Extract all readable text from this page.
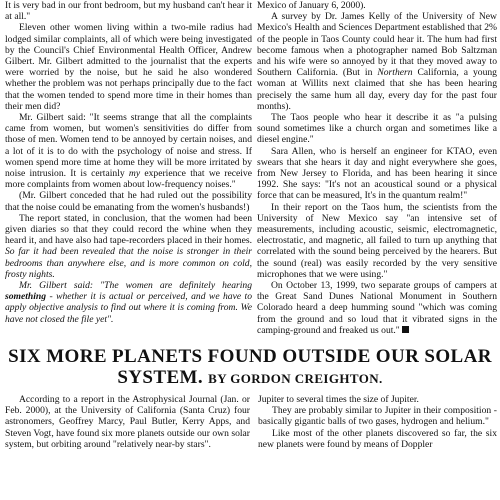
It is very bad in our front bedroom, but my husband can't hear it at all."

Eleven other women living within a two-mile radius had lodged similar complaints, all of which were being investigated by the Council's Chief Environmental Health Officer, Andrew Gilbert. Mr. Gilbert admitted to the journalist that the experts were worried by the noise, but he said he also wondered whether the problem was not perhaps principally due to the fact that the women tended to spend more time in their homes than their men did?

Mr. Gilbert said: "It seems strange that all the complaints came from women, but women's sensitivities do differ from those of men. Women tend to be annoyed by certain noises, and a lot of it is to do with the psychology of noise and stress. If women spend more time at home they will be more irritated by noise intrusion. It is certainly my experience that we receive more complaints from women about low-frequency noises."

(Mr. Gilbert conceded that he had ruled out the possibility that the noise could be emanating from the women's husbands!)

The report stated, in conclusion, that the women had been given diaries so that they could record the whine when they heard it, and have also had tape-recorders placed in their homes. So far it had been revealed that the noise is stronger in their bedrooms than anywhere else, and is more common on cold, frosty nights.

Mr. Gilbert said: "The women are definitely hearing something - whether it is actual or perceived, and we have to apply objective analysis to find out where it is coming from. We have not closed the file yet".

Mexico of January 6, 2000).

A survey by Dr. James Kelly of the University of New Mexico's Health and Sciences Department established that 2% of the people in Taos County could hear it. The hum had first become famous when a photographer named Bob Saltzman and his wife were so annoyed by it that they moved away to Southern California. (But in Northern California, a young woman at Willits next claimed that she has been hearing precisely the same hum all day, every day for the past four months).

The Taos people who hear it describe it as "a pulsing sound sometimes like a church organ and sometimes like a diesel engine."

Sara Allen, who is herself an engineer for KTAO, even swears that she hears it day and night everywhere she goes, from New Jersey to Florida, and has been hearing it since 1992. She says: "It's not an acoustical sound or a physical force that can be measured, It's in the quantum realm!"

In their report on the Taos hum, the scientists from the University of New Mexico say "an intensive set of measurements, including acoustic, seismic, electromagnetic, electrostatic, and magnetic, all failed to turn up anything that correlated with the sound being perceived by the hearers. But the sound (real) was easily recorded by the very sensitive microphones that we were using."

On October 13, 1999, two separate groups of campers at the Great Sand Dunes National Monument in Southern Colorado heard a deep humming sound "which was coming from the ground and so loud that it vibrated signs in the camping-ground and freaked us out."

SIX MORE PLANETS FOUND OUTSIDE OUR SOLAR SYSTEM. BY GORDON CREIGHTON.

According to a report in the Astrophysical Journal (Jan. or Feb. 2000), at the University of California (Santa Cruz) four astronomers, Geoffrey Marcy, Paul Butler, Kerry Apps, and Steven Vogt, have found six more planets outside our own solar system, but orbiting around "relatively near-by stars".

Jupiter to several times the size of Jupiter.

They are probably similar to Jupiter in their composition -basically gigantic balls of two gases, hydrogen and helium."

Like most of the other planets discovered so far, the six new planets were found by means of Doppler
